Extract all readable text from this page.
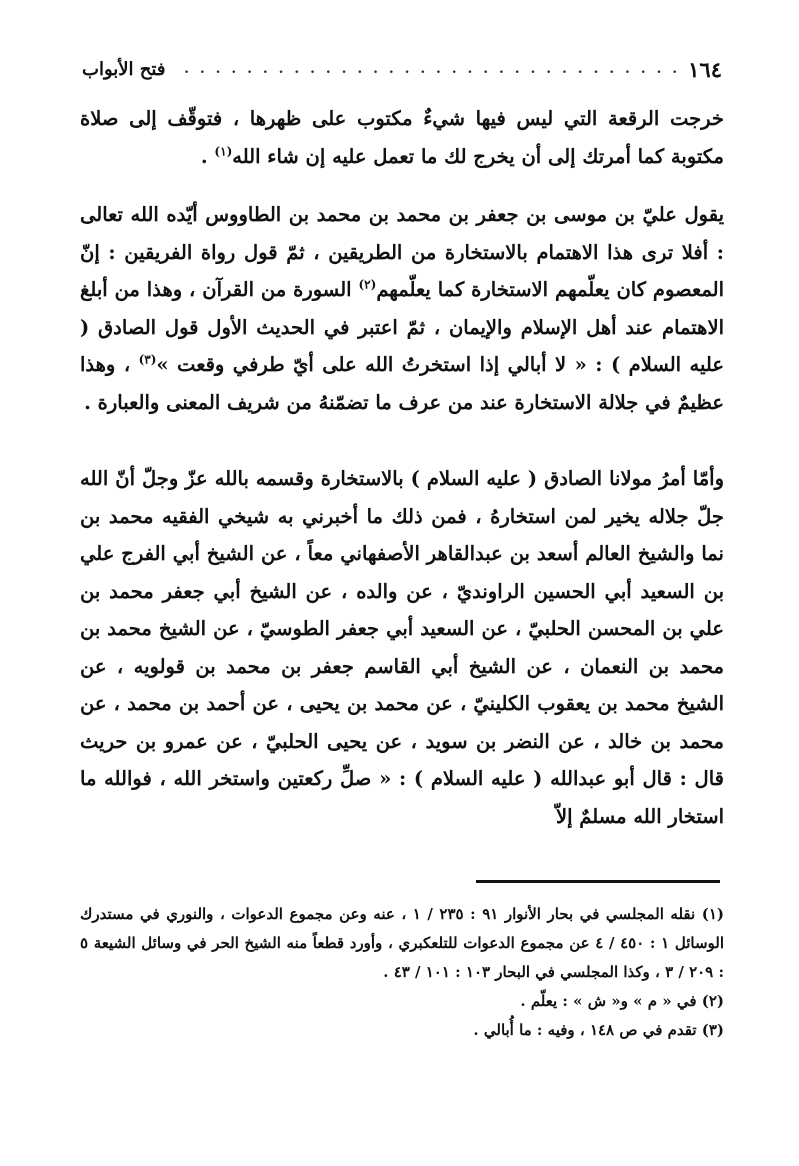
١٦٤
. . .
فتح الأبواب

خرجت الرقعة التي ليس فيها شيءٌ مكتوب على ظهرها ، فتوقّف إلى صلاة مكتوبة كما أمرتك إلى أن يخرج لك ما تعمل عليه إن شاء الله$^{(١)}$ .

يقول عليّ بن موسى بن جعفر بن محمد بن محمد بن الطاووس أيّده الله تعالى : أفلا ترى هذا الاهتمام بالاستخارة من الطريقين ، ثمّ قول رواة الفريقين : إنّ المعصوم كان يعلّمهم الاستخارة كما يعلّمهم$^{(٢)}$ السورة من القرآن ، وهذا من أبلغ الاهتمام عند أهل الإسلام والإيمان ، ثمّ اعتبر في الحديث الأول قول الصادق ( عليه السلام ) : « لا أبالي إذا استخرتُ الله على أيّ طرفي وقعت »$^{(٣)}$ ، وهذا عظيمٌ في جلالة الاستخارة عند من عرف ما تضمّنهُ من شريف المعنى والعبارة .

وأمّا أمرُ مولانا الصادق ( عليه السلام ) بالاستخارة وقسمه بالله عزّ وجلّ أنّ الله جلّ جلاله يخير لمن استخارهُ ، فمن ذلك ما أخبرني به شيخي الفقيه محمد بن نما والشيخ العالم أسعد بن عبدالقاهر الأصفهاني معاً ، عن الشيخ أبي الفرج علي بن السعيد أبي الحسين الراونديّ ، عن والده ، عن الشيخ أبي جعفر محمد بن علي بن المحسن الحلبيّ ، عن السعيد أبي جعفر الطوسيّ ، عن الشيخ محمد بن محمد بن النعمان ، عن الشيخ أبي القاسم جعفر بن محمد بن قولويه ، عن الشيخ محمد بن يعقوب الكلينيّ ، عن محمد بن يحيى ، عن أحمد بن محمد ، عن محمد بن خالد ، عن النضر بن سويد ، عن يحيى الحلبيّ ، عن عمرو بن حريث قال : قال أبو عبدالله ( عليه السلام ) : « صلِّ ركعتين واستخر الله ، فوالله ما استخار الله مسلمٌ إلاّ

(١) نقله المجلسي في بحار الأنوار ٩١ : ٢٣٥ / ١ ، عنه وعن مجموع الدعوات ، والنوري في مستدرك الوسائل ١ : ٤٥٠ / ٤ عن مجموع الدعوات للتلعكبري ، وأورد قطعاً منه الشيخ الحر في وسائل الشيعة ٥ : ٢٠٩ / ٣ ، وكذا المجلسي في البحار ١٠٣ : ١٠١ / ٤٣ .
(٢) في « م » و« ش » : يعلّم .
(٣) تقدم في ص ١٤٨ ، وفيه : ما أُبالي .
